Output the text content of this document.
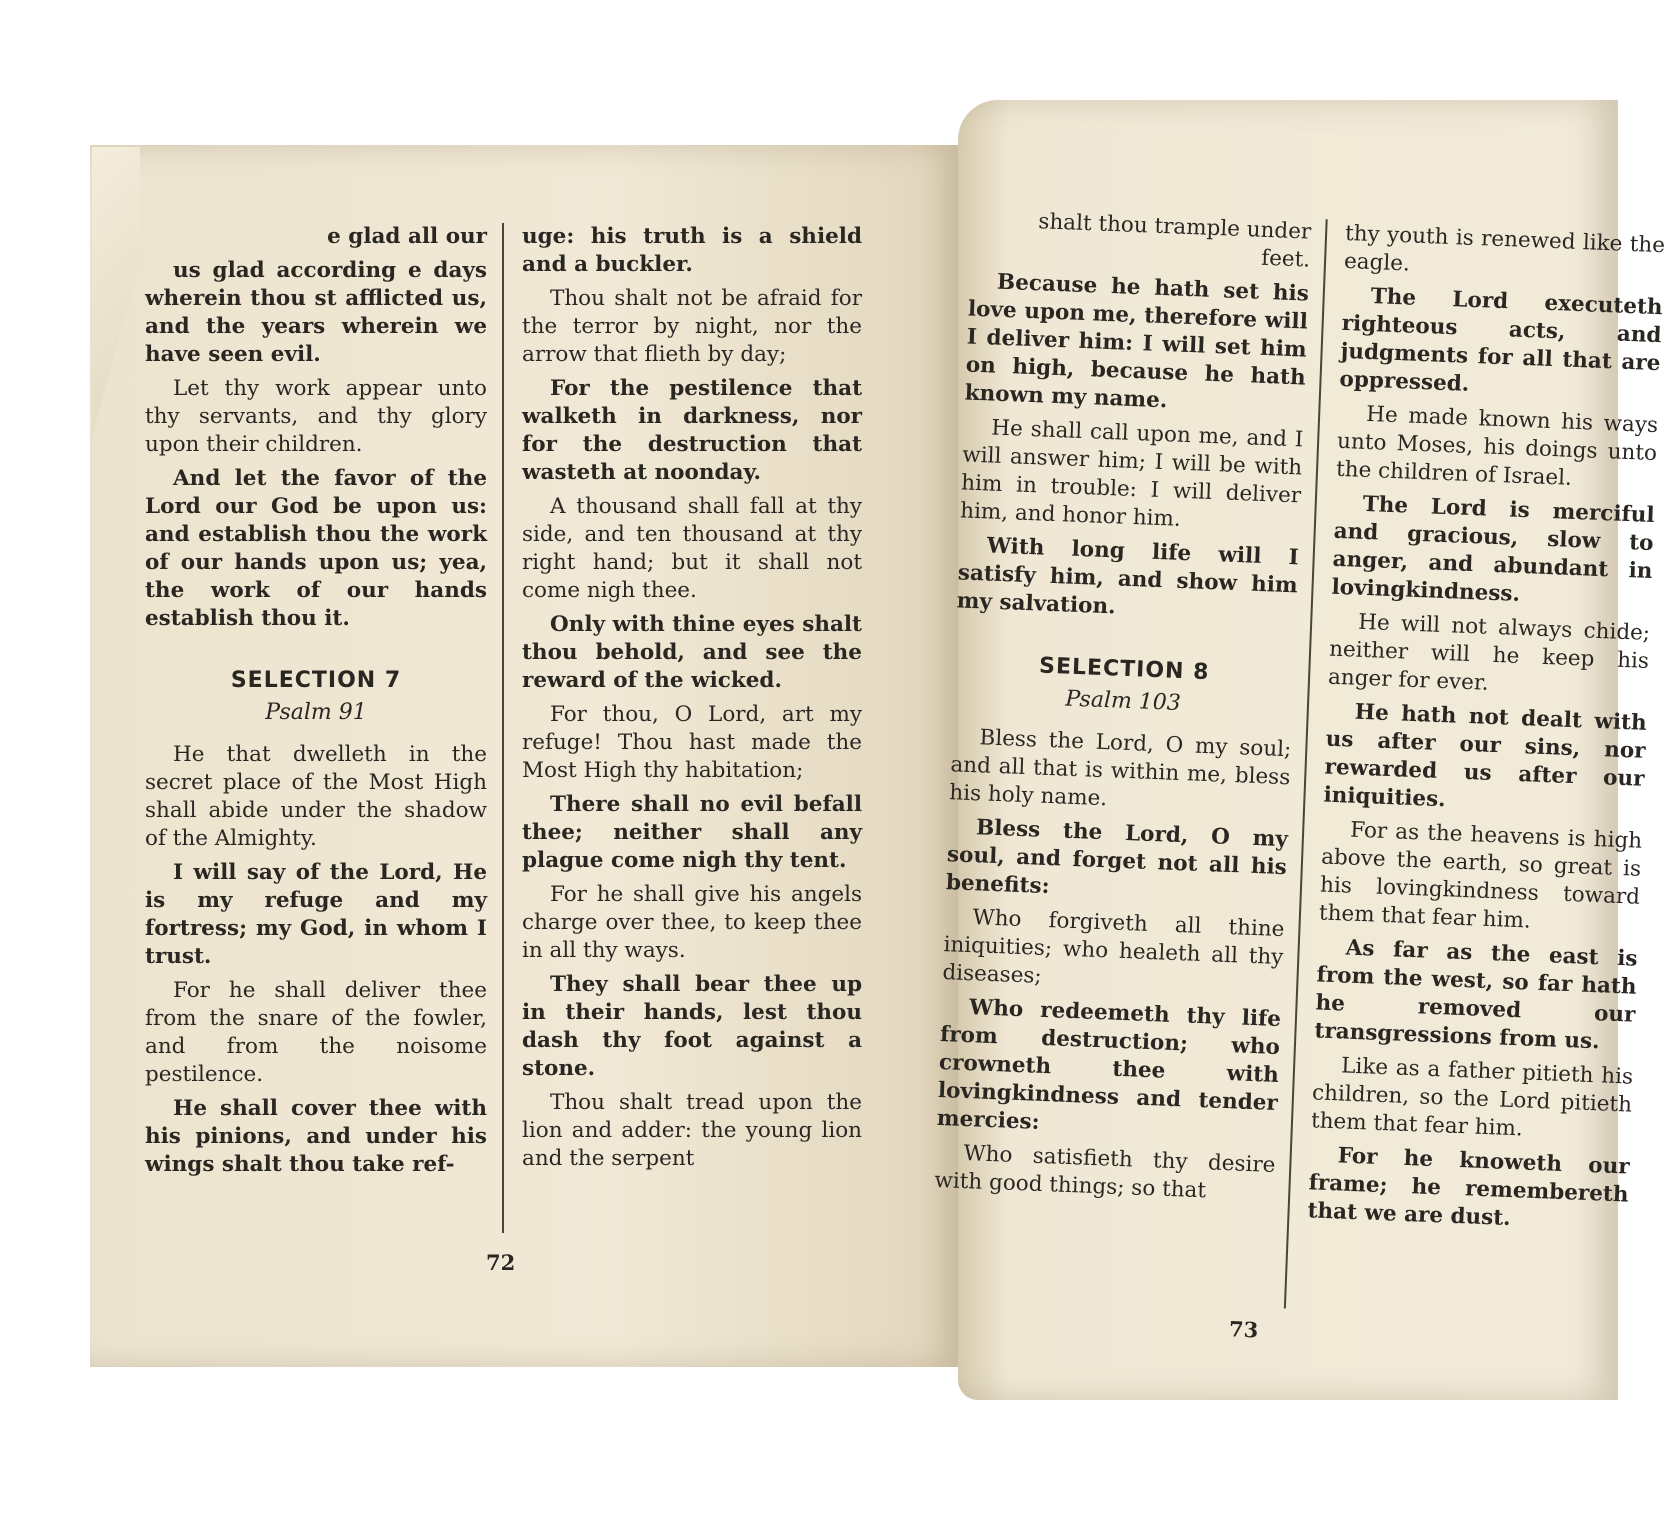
e glad all our

us glad according e days wherein thou st afflicted us, and the years wherein we have seen evil.

Let thy work appear unto thy servants, and thy glory upon their children.

And let the favor of the Lord our God be upon us: and establish thou the work of our hands upon us; yea, the work of our hands establish thou it.

SELECTION 7
Psalm 91

He that dwelleth in the secret place of the Most High shall abide under the shadow of the Almighty.

I will say of the Lord, He is my refuge and my fortress; my God, in whom I trust.

For he shall deliver thee from the snare of the fowler, and from the noisome pestilence.

He shall cover thee with his pinions, and under his wings shalt thou take ref-

uge: his truth is a shield and a buckler.

Thou shalt not be afraid for the terror by night, nor the arrow that flieth by day;

For the pestilence that walketh in darkness, nor for the destruction that wasteth at noonday.

A thousand shall fall at thy side, and ten thousand at thy right hand; but it shall not come nigh thee.

Only with thine eyes shalt thou behold, and see the reward of the wicked.

For thou, O Lord, art my refuge! Thou hast made the Most High thy habitation;

There shall no evil befall thee; neither shall any plague come nigh thy tent.

For he shall give his angels charge over thee, to keep thee in all thy ways.

They shall bear thee up in their hands, lest thou dash thy foot against a stone.

Thou shalt tread upon the lion and adder: the young lion and the serpent

72

shalt thou trample under feet.

Because he hath set his love upon me, therefore will I deliver him: I will set him on high, because he hath known my name.

He shall call upon me, and I will answer him; I will be with him in trouble: I will deliver him, and honor him.

With long life will I satisfy him, and show him my salvation.

SELECTION 8
Psalm 103

Bless the Lord, O my soul; and all that is within me, bless his holy name.

Bless the Lord, O my soul, and forget not all his benefits:

Who forgiveth all thine iniquities; who healeth all thy diseases;

Who redeemeth thy life from destruction; who crowneth thee with lovingkindness and tender mercies:

Who satisfieth thy desire with good things; so that

thy youth is renewed like the eagle.

The Lord executeth righteous acts, and judgments for all that are oppressed.

He made known his ways unto Moses, his doings unto the children of Israel.

The Lord is merciful and gracious, slow to anger, and abundant in lovingkindness.

He will not always chide; neither will he keep his anger for ever.

He hath not dealt with us after our sins, nor rewarded us after our iniquities.

For as the heavens is high above the earth, so great is his lovingkindness toward them that fear him.

As far as the east is from the west, so far hath he removed our transgressions from us.

Like as a father pitieth his children, so the Lord pitieth them that fear him.

For he knoweth our frame; he remembereth that we are dust.

73
